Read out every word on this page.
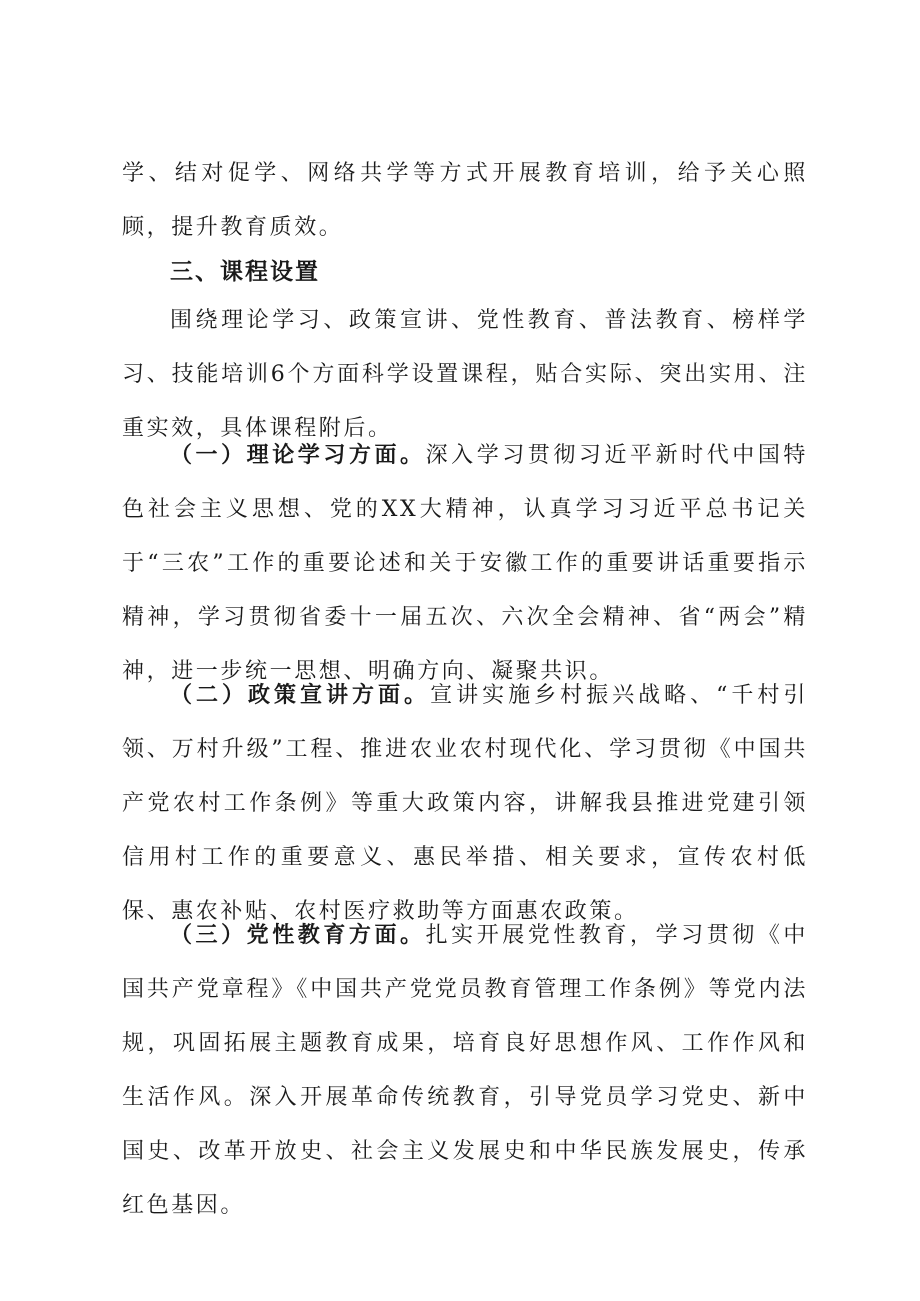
学、结对促学、网络共学等方式开展教育培训，给予关心照顾，提升教育质效。

三、课程设置

围绕理论学习、政策宣讲、党性教育、普法教育、榜样学习、技能培训6个方面科学设置课程，贴合实际、突出实用、注重实效，具体课程附后。

（一）理论学习方面。深入学习贯彻习近平新时代中国特色社会主义思想、党的XX大精神，认真学习习近平总书记关于“三农”工作的重要论述和关于安徽工作的重要讲话重要指示精神，学习贯彻省委十一届五次、六次全会精神、省“两会”精神，进一步统一思想、明确方向、凝聚共识。

（二）政策宣讲方面。宣讲实施乡村振兴战略、“千村引领、万村升级”工程、推进农业农村现代化、学习贯彻《中国共产党农村工作条例》等重大政策内容，讲解我县推进党建引领信用村工作的重要意义、惠民举措、相关要求，宣传农村低保、惠农补贴、农村医疗救助等方面惠农政策。

（三）党性教育方面。扎实开展党性教育，学习贯彻《中国共产党章程》《中国共产党党员教育管理工作条例》等党内法规，巩固拓展主题教育成果，培育良好思想作风、工作作风和生活作风。深入开展革命传统教育，引导党员学习党史、新中国史、改革开放史、社会主义发展史和中华民族发展史，传承红色基因。
